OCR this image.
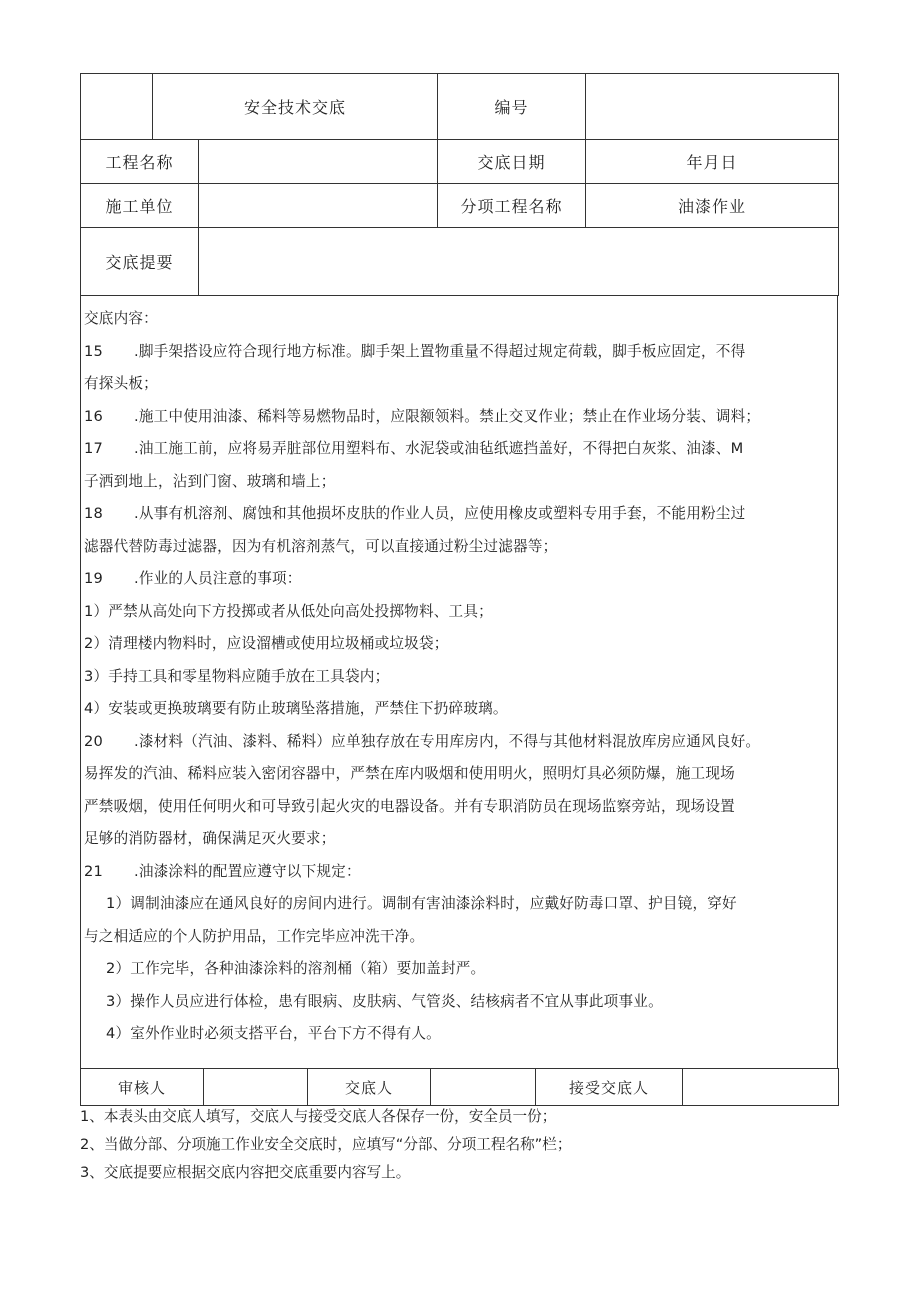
	安全技术交底		编号	
工程名称			交底日期	年月日
施工单位			分项工程名称	油漆作业
交底提要				

交底内容：

15 .脚手架搭设应符合现行地方标准。脚手架上置物重量不得超过规定荷载，脚手板应固定，不得

有探头板；

16 .施工中使用油漆、稀料等易燃物品时，应限额领料。禁止交叉作业；禁止在作业场分装、调料；

17 .油工施工前，应将易弄脏部位用塑料布、水泥袋或油毡纸遮挡盖好，不得把白灰浆、油漆、M

子洒到地上，沾到门窗、玻璃和墙上；

18 .从事有机溶剂、腐蚀和其他损坏皮肤的作业人员，应使用橡皮或塑料专用手套，不能用粉尘过

滤器代替防毒过滤器，因为有机溶剂蒸气，可以直接通过粉尘过滤器等；

19 .作业的人员注意的事项：

1）严禁从高处向下方投掷或者从低处向高处投掷物料、工具；

2）清理楼内物料时，应设溜槽或使用垃圾桶或垃圾袋；

3）手持工具和零星物料应随手放在工具袋内；

4）安装或更换玻璃要有防止玻璃坠落措施，严禁住下扔碎玻璃。

20 .漆材料（汽油、漆料、稀料）应单独存放在专用库房内，不得与其他材料混放库房应通风良好。

易挥发的汽油、稀料应装入密闭容器中，严禁在库内吸烟和使用明火，照明灯具必须防爆，施工现场

严禁吸烟，使用任何明火和可导致引起火灾的电器设备。并有专职消防员在现场监察旁站，现场设置

足够的消防器材，确保满足灭火要求；

21 .油漆涂料的配置应遵守以下规定：

1）调制油漆应在通风良好的房间内进行。调制有害油漆涂料时，应戴好防毒口罩、护目镜，穿好

与之相适应的个人防护用品，工作完毕应冲洗干净。

2）工作完毕，各种油漆涂料的溶剂桶（箱）要加盖封严。

3）操作人员应进行体检，患有眼病、皮肤病、气管炎、结核病者不宜从事此项事业。

4）室外作业时必须支搭平台，平台下方不得有人。

审核人		交底人		接受交底人	

1、本表头由交底人填写，交底人与接受交底人各保存一份，安全员一份；

2、当做分部、分项施工作业安全交底时，应填写“分部、分项工程名称”栏；

3、交底提要应根据交底内容把交底重要内容写上。
